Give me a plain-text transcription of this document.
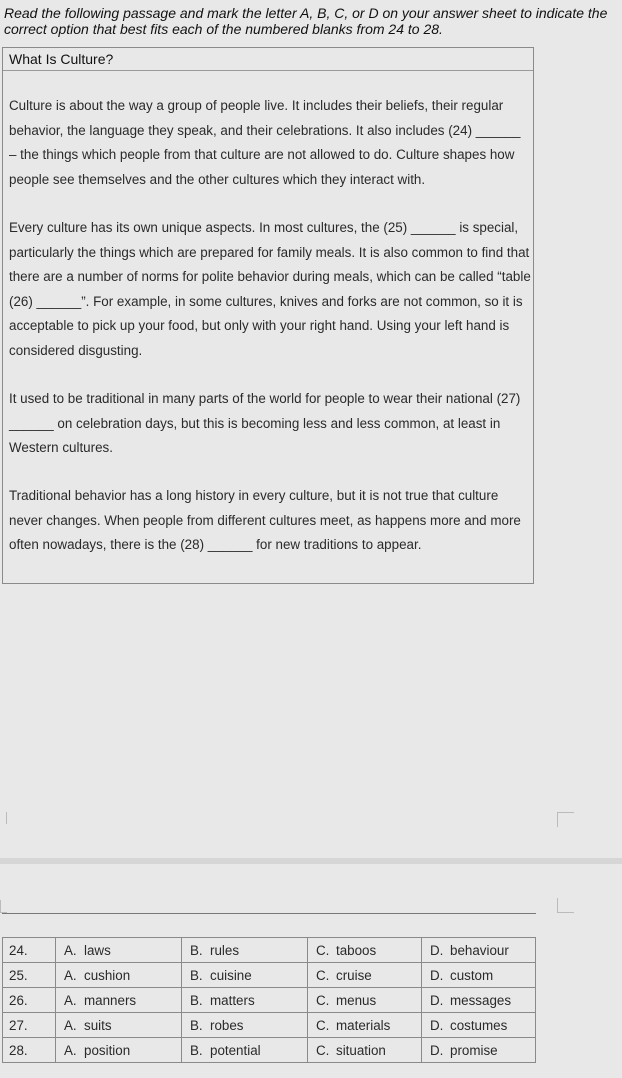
Read the following passage and mark the letter A, B, C, or D on your answer sheet to indicate the correct option that best fits each of the numbered blanks from 24 to 28.
What Is Culture?
Culture is about the way a group of people live. It includes their beliefs, their regular behavior, the language they speak, and their celebrations. It also includes (24) ______ – the things which people from that culture are not allowed to do. Culture shapes how people see themselves and the other cultures which they interact with.
Every culture has its own unique aspects. In most cultures, the (25) ______ is special, particularly the things which are prepared for family meals. It is also common to find that there are a number of norms for polite behavior during meals, which can be called “table (26) ______”. For example, in some cultures, knives and forks are not common, so it is acceptable to pick up your food, but only with your right hand. Using your left hand is considered disgusting.
It used to be traditional in many parts of the world for people to wear their national (27) ______ on celebration days, but this is becoming less and less common, at least in Western cultures.
Traditional behavior has a long history in every culture, but it is not true that culture never changes. When people from different cultures meet, as happens more and more often nowadays, there is the (28) ______ for new traditions to appear.
24.	A. laws	B. rules	C. taboos	D. behaviour
25.	A. cushion	B. cuisine	C. cruise	D. custom
26.	A. manners	B. matters	C. menus	D. messages
27.	A. suits	B. robes	C. materials	D. costumes
28.	A. position	B. potential	C. situation	D. promise
